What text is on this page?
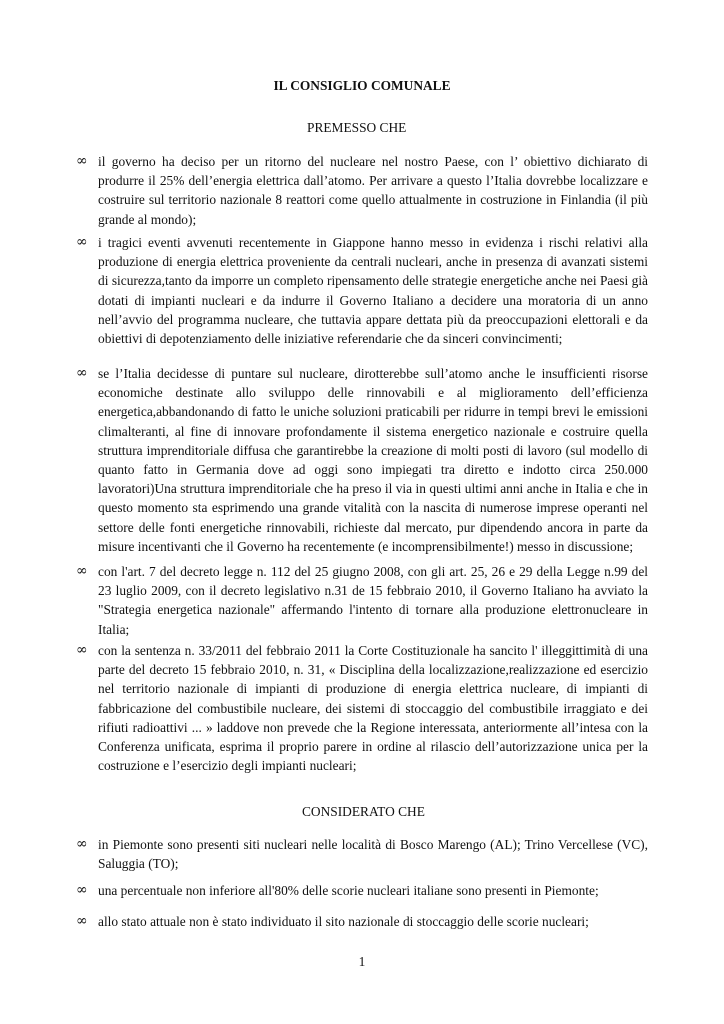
IL CONSIGLIO COMUNALE

PREMESSO CHE

∞ il governo ha deciso per un ritorno del nucleare nel nostro Paese, con l’ obiettivo dichiarato di produrre il 25% dell’energia elettrica dall’atomo. Per arrivare a questo l’Italia dovrebbe localizzare e costruire sul territorio nazionale 8 reattori come quello attualmente in costruzione in Finlandia (il più grande al mondo);

∞ i tragici eventi avvenuti recentemente in Giappone hanno messo in evidenza i rischi relativi alla produzione di energia elettrica proveniente da centrali nucleari, anche in presenza di avanzati sistemi di sicurezza,tanto da imporre un completo ripensamento delle strategie energetiche anche nei Paesi già dotati di impianti nucleari e da indurre il Governo Italiano a decidere una moratoria di un anno nell’avvio del programma nucleare, che tuttavia appare dettata più da preoccupazioni elettorali e da obiettivi di depotenziamento delle iniziative referendarie che da sinceri convincimenti;

∞ se l’Italia decidesse di puntare sul nucleare, dirotterebbe sull’atomo anche le insufficienti risorse economiche destinate allo sviluppo delle rinnovabili e al miglioramento dell’efficienza energetica,abbandonando di fatto le uniche soluzioni praticabili per ridurre in tempi brevi le emissioni climalteranti, al fine di innovare profondamente il sistema energetico nazionale e costruire quella struttura imprenditoriale diffusa che garantirebbe la creazione di molti posti di lavoro (sul modello di quanto fatto in Germania dove ad oggi sono impiegati tra diretto e indotto circa 250.000 lavoratori)Una struttura imprenditoriale che ha preso il via in questi ultimi anni anche in Italia e che in questo momento sta esprimendo una grande vitalità con la nascita di numerose imprese operanti nel settore delle fonti energetiche rinnovabili, richieste dal mercato, pur dipendendo ancora in parte da misure incentivanti che il Governo ha recentemente (e incomprensibilmente!) messo in discussione;

∞ con l'art. 7 del decreto legge n. 112 del 25 giugno 2008, con gli art. 25, 26 e 29 della Legge n.99 del 23 luglio 2009, con il decreto legislativo n.31 de 15 febbraio 2010, il Governo Italiano ha avviato la "Strategia energetica nazionale" affermando l'intento di tornare alla produzione elettronucleare in Italia;

∞ con la sentenza n. 33/2011 del febbraio 2011 la Corte Costituzionale ha sancito l' illeggittimità di una parte del decreto 15 febbraio 2010, n. 31, « Disciplina della localizzazione,realizzazione ed esercizio nel territorio nazionale di impianti di produzione di energia elettrica nucleare, di impianti di fabbricazione del combustibile nucleare, dei sistemi di stoccaggio del combustibile irraggiato e dei rifiuti radioattivi ... » laddove non prevede che la Regione interessata, anteriormente all’intesa con la Conferenza unificata, esprima il proprio parere in ordine al rilascio dell’autorizzazione unica per la costruzione e l’esercizio degli impianti nucleari;

CONSIDERATO CHE

∞ in Piemonte sono presenti siti nucleari nelle località di Bosco Marengo (AL); Trino Vercellese (VC), Saluggia (TO);

∞ una percentuale non inferiore all'80% delle scorie nucleari italiane sono presenti in Piemonte;

∞ allo stato attuale non è stato individuato il sito nazionale di stoccaggio delle scorie nucleari;

1
